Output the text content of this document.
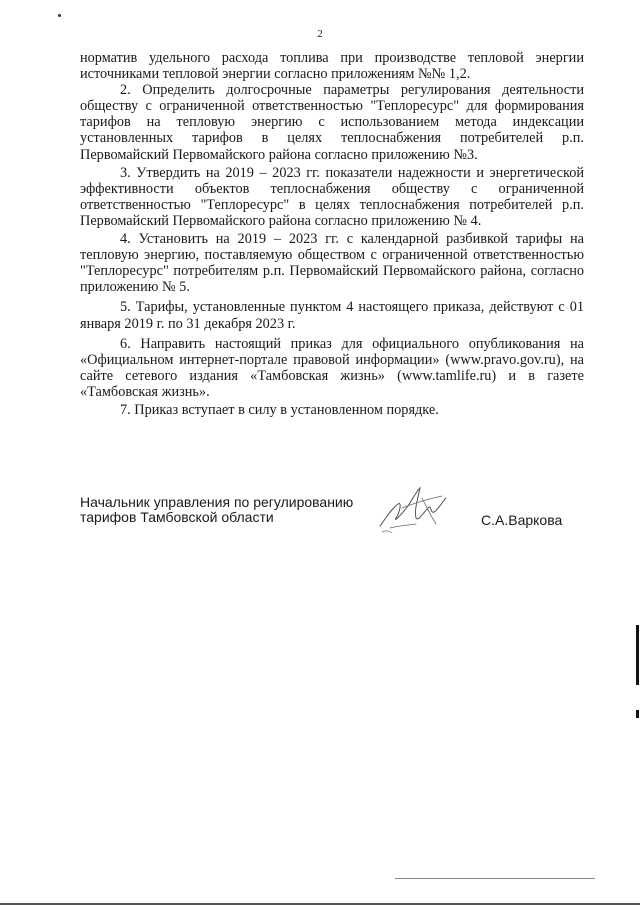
2

норматив удельного расхода топлива при производстве тепловой энергии источниками тепловой энергии согласно приложениям №№ 1,2.

2. Определить долгосрочные параметры регулирования деятельности обществу с ограниченной ответственностью "Теплоресурс" для формирования тарифов на тепловую энергию с использованием метода индексации установленных тарифов в целях теплоснабжения потребителей р.п. Первомайский Первомайского района согласно приложению №3.

3. Утвердить на 2019 – 2023 гг. показатели надежности и энергетической эффективности объектов теплоснабжения обществу с ограниченной ответственностью "Теплоресурс" в целях теплоснабжения потребителей р.п. Первомайский Первомайского района согласно приложению № 4.

4. Установить на 2019 – 2023 гг. с календарной разбивкой тарифы на тепловую энергию, поставляемую обществом с ограниченной ответственностью "Теплоресурс" потребителям р.п. Первомайский Первомайского района, согласно приложению № 5.

5. Тарифы, установленные пунктом 4 настоящего приказа, действуют с 01 января 2019 г. по 31 декабря 2023 г.

6. Направить настоящий приказ для официального опубликования на «Официальном интернет-портале правовой информации» (www.pravo.gov.ru), на сайте сетевого издания «Тамбовская жизнь» (www.tamlife.ru) и в газете «Тамбовская жизнь».

7. Приказ вступает в силу в установленном порядке.

Начальник управления по регулированию
тарифов Тамбовской области	С.А.Варкова
